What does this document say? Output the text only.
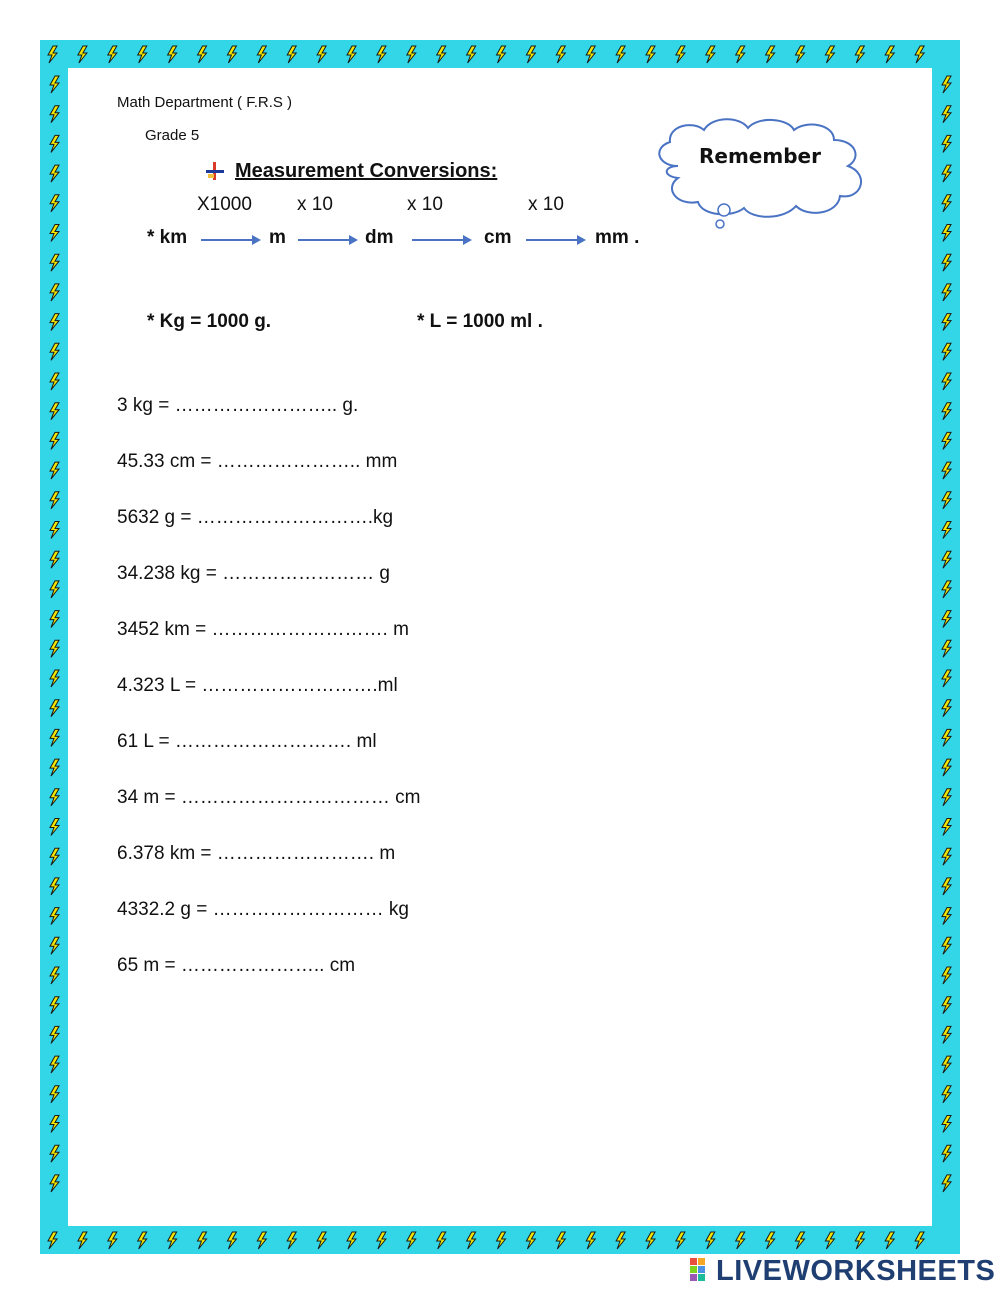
Math Department ( F.R.S )
Grade 5
Measurement Conversions:
Remember
X1000 x 10	x 10	x 10
* km	m	dm	cm	mm .
* Kg = 1000 g.	* L = 1000 ml .
3 kg = …………………….. g.
45.33 cm = ………………….. mm
5632 g = ……………………….kg
34.238 kg = …………………… g
3452 km = ………………………. m
4.323 L = ……………………….ml
61 L = ………………………. ml
34 m = …………………………… cm
6.378 km = ……………………. m
4332.2 g = ……………………… kg
65 m = ………………….. cm
LIVEWORKSHEETS
